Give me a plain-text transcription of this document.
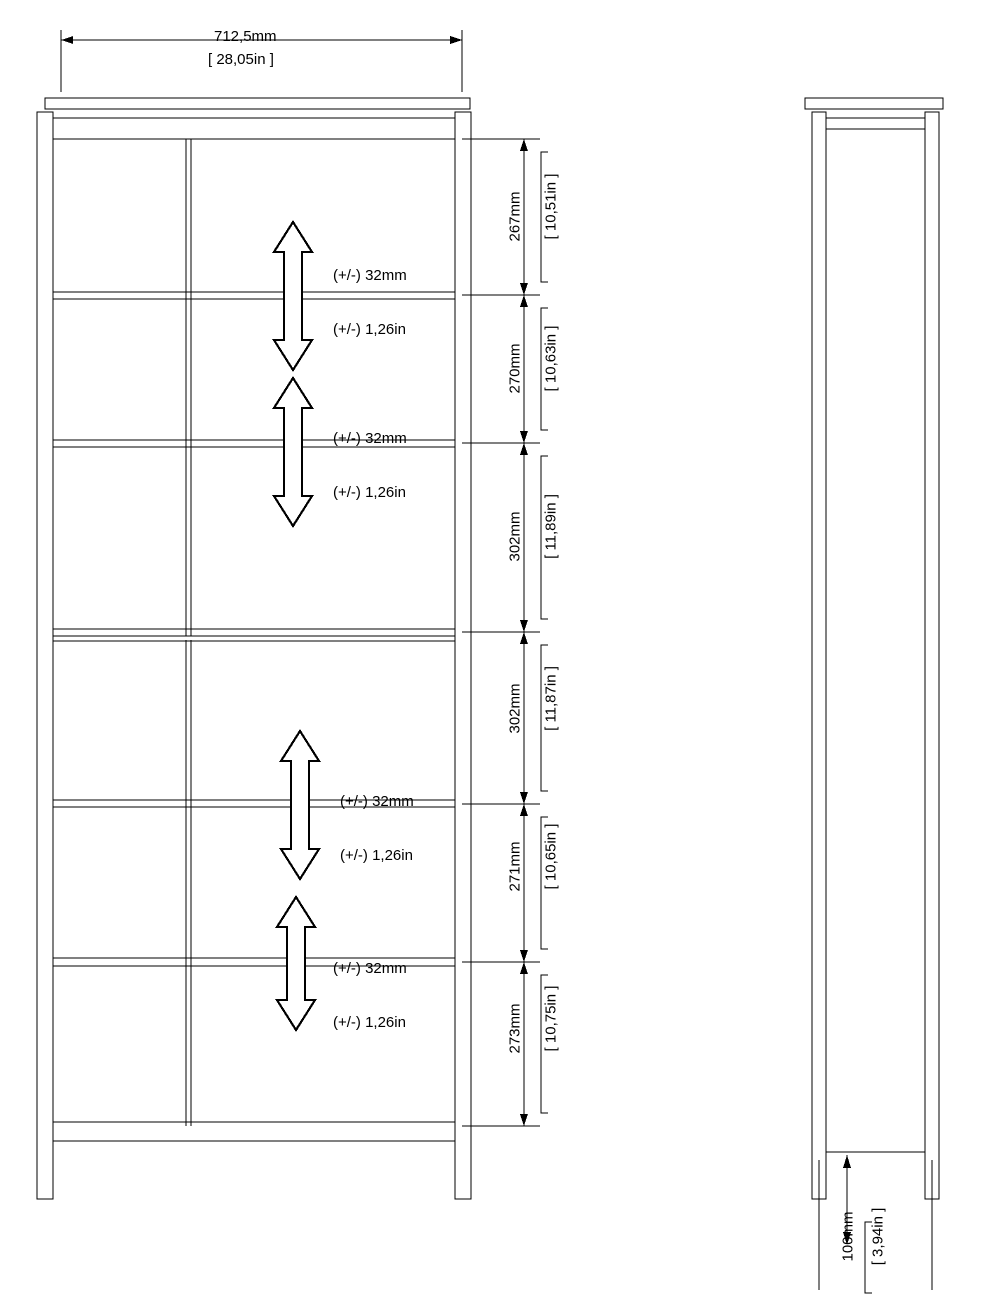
712,5mm
[ 28,05in ]
267mm [ 10,51in ]
270mm [ 10,63in ]
302mm [ 11,89in ]
302mm [ 11,87in ]
271mm [ 10,65in ]
273mm [ 10,75in ]

(+/-) 32mm

(+/-) 1,26in

(+/-) 32mm

(+/-) 1,26in

(+/-) 32mm

(+/-) 1,26in

(+/-) 32mm

(+/-) 1,26in

100mm [ 3,94in ]
